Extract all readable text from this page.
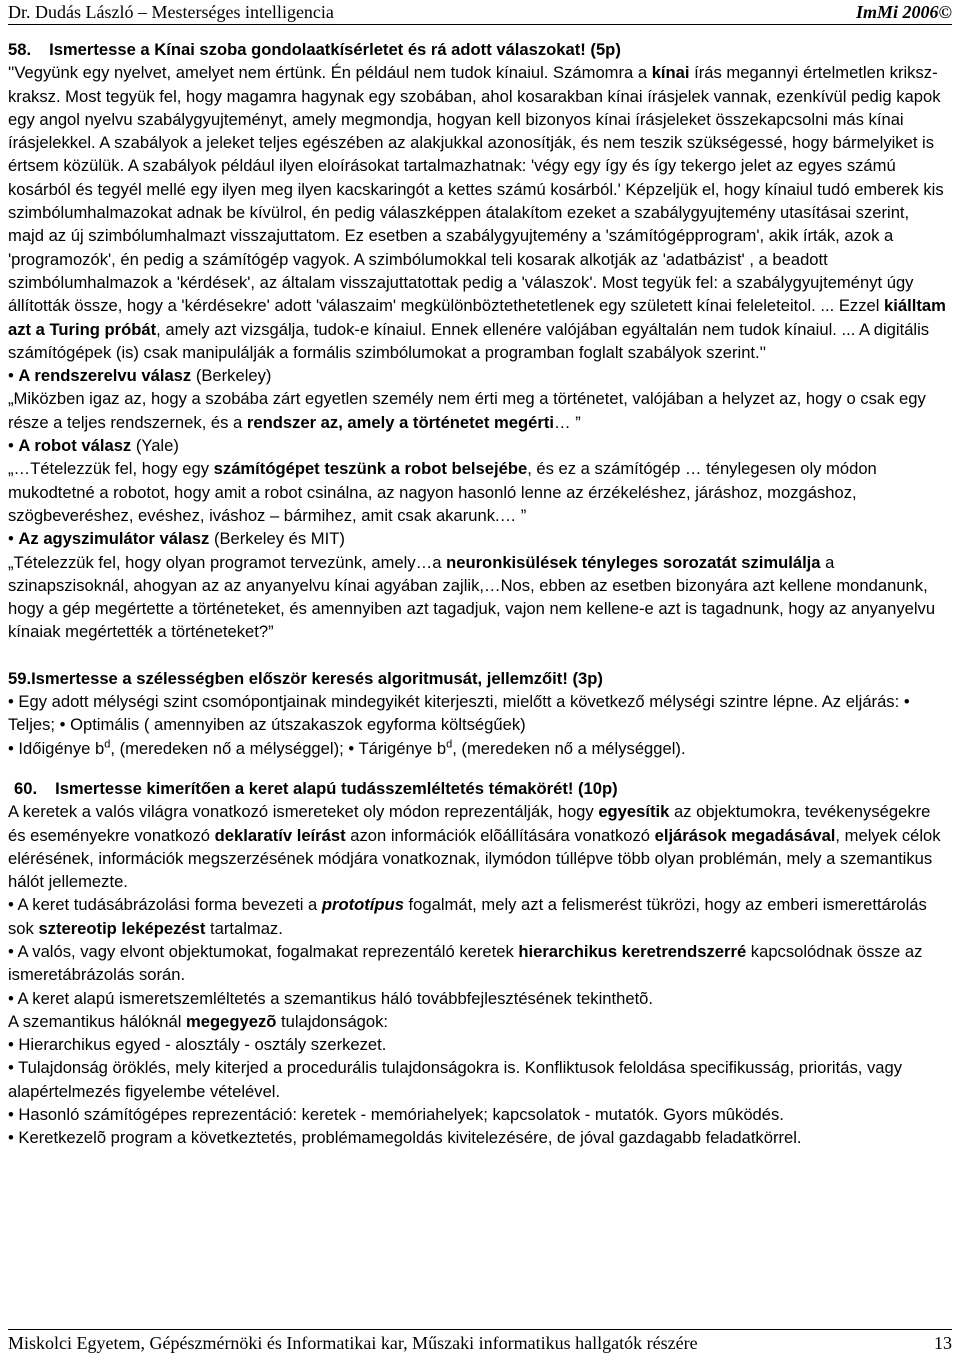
Dr. Dudás László – Mesterséges intelligencia	ImMi 2006©

58. Ismertesse a Kínai szoba gondolaatkísérletet és rá adott válaszokat! (5p)

''Vegyünk egy nyelvet, amelyet nem értünk. Én például nem tudok kínaiul. Számomra a kínai írás megannyi értelmetlen kriksz-kraksz. Most tegyük fel, hogy magamra hagynak egy szobában, ahol kosarakban kínai írásjelek vannak, ezenkívül pedig kapok egy angol nyelvu szabálygyujteményt, amely megmondja, hogyan kell bizonyos kínai írásjeleket összekapcsolni más kínai írásjelekkel. A szabályok a jeleket teljes egészében az alakjukkal azonosítják, és nem teszik szükségessé, hogy bármelyiket is értsem közülük. A szabályok például ilyen eloírásokat tartalmazhatnak: 'végy egy így és így tekergo jelet az egyes számú kosárból és tegyél mellé egy ilyen meg ilyen kacskaringót a kettes számú kosárból.' Képzeljük el, hogy kínaiul tudó emberek kis szimbólumhalmazokat adnak be kívülrol, én pedig válaszképpen átalakítom ezeket a szabálygyujtemény utasításai szerint, majd az új szimbólumhalmazt visszajuttatom. Ez esetben a szabálygyujtemény a 'számítógépprogram', akik írták, azok a 'programozók', én pedig a számítógép vagyok. A szimbólumokkal teli kosarak alkotják az 'adatbázist' , a beadott szimbólumhalmazok a 'kérdések', az általam visszajuttatottak pedig a 'válaszok'. Most tegyük fel: a szabálygyujteményt úgy állították össze, hogy a 'kérdésekre' adott 'válaszaim' megkülönböztethetetlenek egy született kínai feleleteitol. ... Ezzel kiálltam azt a Turing próbát, amely azt vizsgálja, tudok-e kínaiul. Ennek ellenére valójában egyáltalán nem tudok kínaiul. ... A digitális számítógépek (is) csak manipulálják a formális szimbólumokat a programban foglalt szabályok szerint.''

• A rendszerelvu válasz (Berkeley)

„Miközben igaz az, hogy a szobába zárt egyetlen személy nem érti meg a történetet, valójában a helyzet az, hogy o csak egy része a teljes rendszernek, és a rendszer az, amely a történetet megérti… ”

• A robot válasz (Yale)

„…Tételezzük fel, hogy egy számítógépet teszünk a robot belsejébe, és ez a számítógép … ténylegesen oly módon mukodtetné a robotot, hogy amit a robot csinálna, az nagyon hasonló lenne az érzékeléshez, járáshoz, mozgáshoz, szögbeveréshez, evéshez, iváshoz – bármihez, amit csak akarunk.… ”

• Az agyszimulátor válasz (Berkeley és MIT)

„Tételezzük fel, hogy olyan programot tervezünk, amely…a neuronkisülések tényleges sorozatát szimulálja a szinapszisoknál, ahogyan az az anyanyelvu kínai agyában zajlik,…Nos, ebben az esetben bizonyára azt kellene mondanunk, hogy a gép megértette a történeteket, és amennyiben azt tagadjuk, vajon nem kellene-e azt is tagadnunk, hogy az anyanyelvu kínaiak megértették a történeteket?”

59.Ismertesse a szélességben először keresés algoritmusát, jellemzőit! (3p)

• Egy adott mélységi szint csomópontjainak mindegyikét kiterjeszti, mielőtt a következő mélységi szintre lépne. Az eljárás: • Teljes; • Optimális ( amennyiben az útszakaszok egyforma költségűek)

• Időigénye $b^d$, (meredeken nő a mélységgel); • Tárigénye $b^d$, (meredeken nő a mélységgel).

60. Ismertesse kimerítően a keret alapú tudásszemléltetés témakörét! (10p)

A keretek a valós világra vonatkozó ismereteket oly módon reprezentálják, hogy egyesítik az objektumokra, tevékenységekre és eseményekre vonatkozó deklaratív leírást azon információk elõállítására vonatkozó eljárások megadásával, melyek célok elérésének, információk megszerzésének módjára vonatkoznak, ilymódon túllépve több olyan problémán, mely a szemantikus hálót jellemezte.

• A keret tudásábrázolási forma bevezeti a prototípus fogalmát, mely azt a felismerést tükrözi, hogy az emberi ismerettárolás sok sztereotip leképezést tartalmaz.

• A valós, vagy elvont objektumokat, fogalmakat reprezentáló keretek hierarchikus keretrendszerré kapcsolódnak össze az ismeretábrázolás során.

• A keret alapú ismeretszemléltetés a szemantikus háló továbbfejlesztésének tekinthetõ.

A szemantikus hálóknál megegyezõ tulajdonságok:

• Hierarchikus egyed - alosztály - osztály szerkezet.

• Tulajdonság öröklés, mely kiterjed a procedurális tulajdonságokra is. Konfliktusok feloldása specifikusság, prioritás, vagy alapértelmezés figyelembe vételével.

• Hasonló számítógépes reprezentáció: keretek - memóriahelyek; kapcsolatok - mutatók. Gyors mûködés.

• Keretkezelõ program a következtetés, problémamegoldás kivitelezésére, de jóval gazdagabb feladatkörrel.

Miskolci Egyetem, Gépészmérnöki és Informatikai kar, Műszaki informatikus hallgatók részére	13
